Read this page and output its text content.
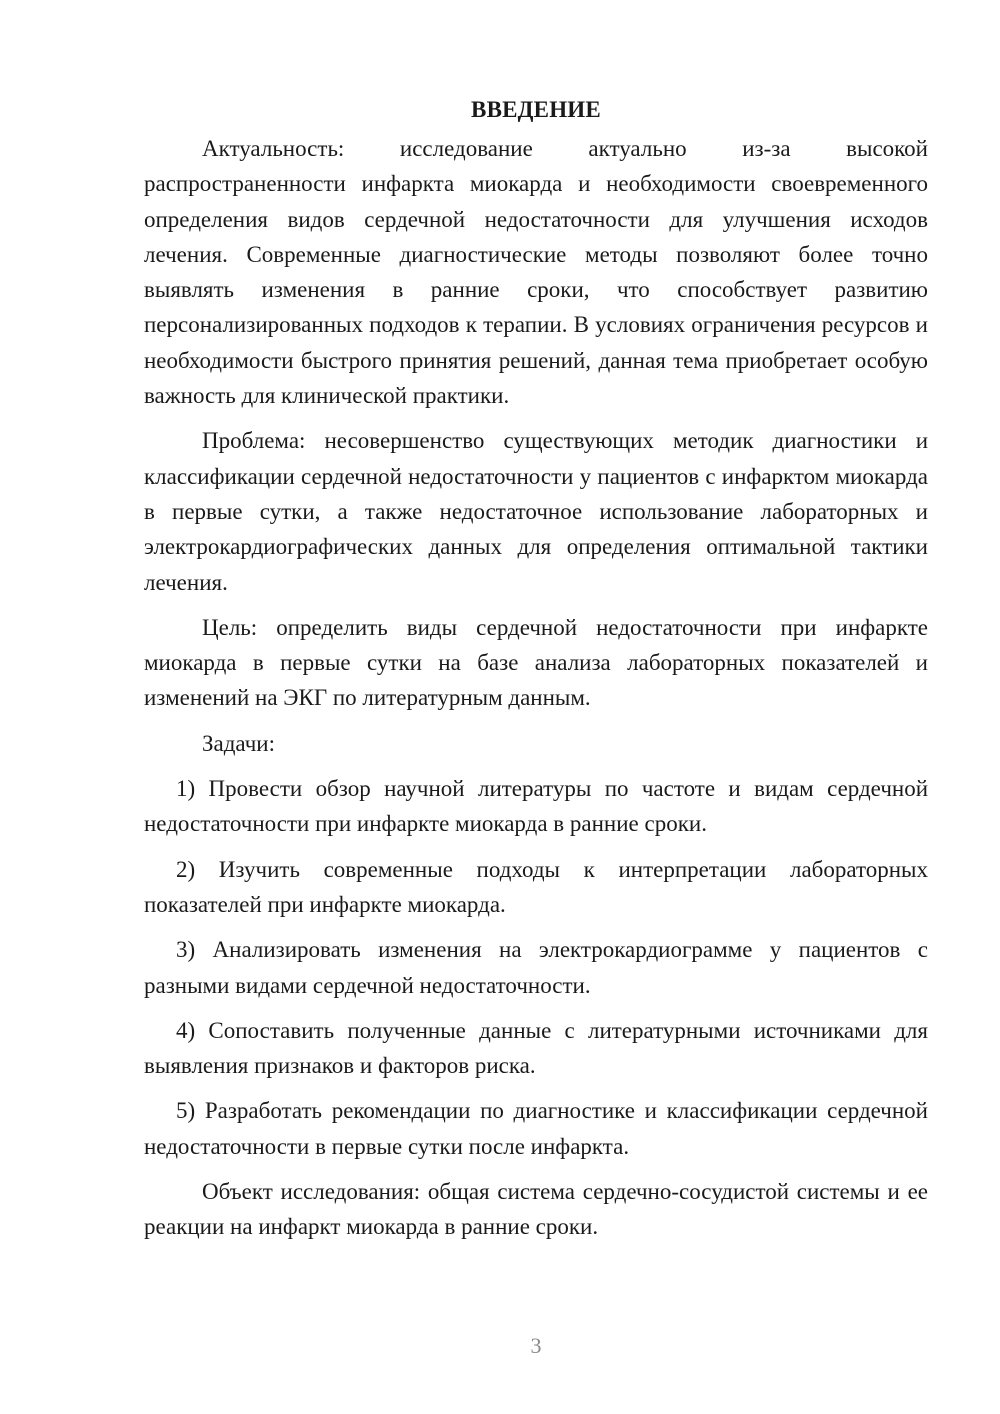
ВВЕДЕНИЕ

Актуальность: исследование актуально из-за высокой распространенности инфаркта миокарда и необходимости своевременного определения видов сердечной недостаточности для улучшения исходов лечения. Современные диагностические методы позволяют более точно выявлять изменения в ранние сроки, что способствует развитию персонализированных подходов к терапии. В условиях ограничения ресурсов и необходимости быстрого принятия решений, данная тема приобретает особую важность для клинической практики.

Проблема: несовершенство существующих методик диагностики и классификации сердечной недостаточности у пациентов с инфарктом миокарда в первые сутки, а также недостаточное использование лабораторных и электрокардиографических данных для определения оптимальной тактики лечения.

Цель: определить виды сердечной недостаточности при инфаркте миокарда в первые сутки на базе анализа лабораторных показателей и изменений на ЭКГ по литературным данным.

Задачи:

1) Провести обзор научной литературы по частоте и видам сердечной недостаточности при инфаркте миокарда в ранние сроки.

2) Изучить современные подходы к интерпретации лабораторных показателей при инфаркте миокарда.

3) Анализировать изменения на электрокардиограмме у пациентов с разными видами сердечной недостаточности.

4) Сопоставить полученные данные с литературными источниками для выявления признаков и факторов риска.

5) Разработать рекомендации по диагностике и классификации сердечной недостаточности в первые сутки после инфаркта.

Объект исследования: общая система сердечно-сосудистой системы и ее реакции на инфаркт миокарда в ранние сроки.

3
